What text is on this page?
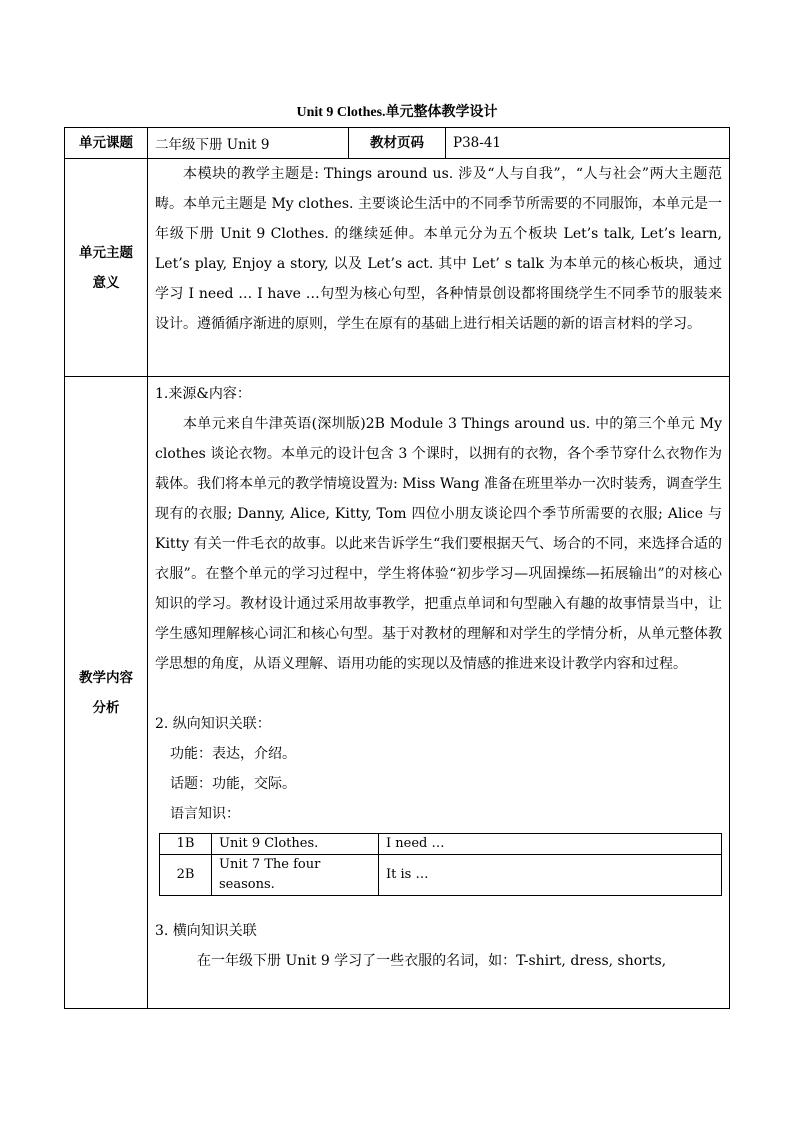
Unit 9 Clothes.单元整体教学设计
单元课题	二年级下册 Unit 9	教材页码	P38-41

单元主题
意义

本模块的教学主题是: Things around us. 涉及“人与自我”，“人与社会”两大主题范畴。本单元主题是 My clothes. 主要谈论生活中的不同季节所需要的不同服饰，本单元是一年级下册 Unit 9 Clothes. 的继续延伸。本单元分为五个板块 Let’s talk, Let’s learn, Let’s play, Enjoy a story, 以及 Let’s act. 其中 Let’ s talk 为本单元的核心板块，通过学习 I need … I have …句型为核心句型，各种情景创设都将围绕学生不同季节的服装来设计。遵循循序渐进的原则，学生在原有的基础上进行相关话题的新的语言材料的学习。

教学内容
分析

1.来源&内容：
本单元来自牛津英语(深圳版)2B Module 3 Things around us. 中的第三个单元 My clothes 谈论衣物。本单元的设计包含 3 个课时，以拥有的衣物，各个季节穿什么衣物作为载体。我们将本单元的教学情境设置为: Miss Wang 准备在班里举办一次时装秀，调查学生现有的衣服; Danny, Alice, Kitty, Tom 四位小朋友谈论四个季节所需要的衣服; Alice 与 Kitty 有关一件毛衣的故事。以此来告诉学生“我们要根据天气、场合的不同，来选择合适的衣服”。在整个单元的学习过程中，学生将体验“初步学习—巩固操练—拓展输出”的对核心知识的学习。教材设计通过采用故事教学，把重点单词和句型融入有趣的故事情景当中，让学生感知理解核心词汇和核心句型。基于对教材的理解和对学生的学情分析，从单元整体教学思想的角度，从语义理解、语用功能的实现以及情感的推进来设计教学内容和过程。
2. 纵向知识关联：
功能：表达，介绍。
话题：功能，交际。
语言知识：
1B	Unit 9 Clothes.	I need …
2B	Unit 7 The four seasons.	It is …
3. 横向知识关联
在一年级下册 Unit 9 学习了一些衣服的名词，如：T-shirt, dress, shorts,
